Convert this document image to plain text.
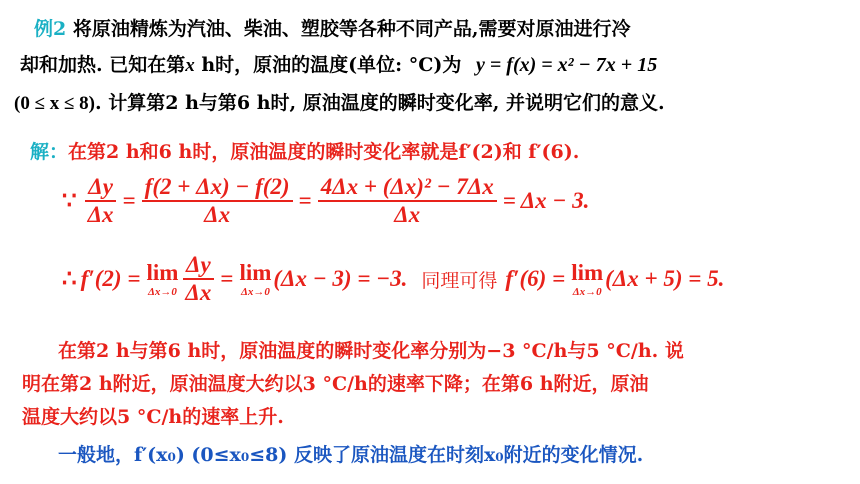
例2 将原油精炼为汽油、柴油、塑胶等各种不同产品,需要对原油进行冷
却和加热. 已知在第x h时，原油的温度(单位: °C)为 y = f(x) = x² − 7x + 15
(0 ≤ x ≤ 8). 计算第2 h与第6 h时, 原油温度的瞬时变化率, 并说明它们的意义.
解：在第2 h和6 h时，原油温度的瞬时变化率就是f′(2)和 f′(6).
∵ $\frac{\Delta y}{\Delta x} = \frac{f(2 + \Delta x) - f(2)}{\Delta x} = \frac{\text{4Δx + (Δx)² − 7Δx}}{\Delta x} = \Delta x - 3$.
∴ f′(2) = lim
$\Delta x\to 0 \frac{\Delta y}{\Delta x} = \lim$
Δx→0
(Δx − 3) = −3. 同理可得 f′(6) = lim
Δx→0
(Δx + 5) = 5.
在第2 h与第6 h时，原油温度的瞬时变化率分别为−3 °C/h与5 °C/h. 说
明在第2 h附近，原油温度大约以3 °C/h的速率下降；在第6 h附近，原油
温度大约以5 °C/h的速率上升.
一般地，f′(x₀) (0≤x₀≤8) 反映了原油温度在时刻x₀附近的变化情况.
